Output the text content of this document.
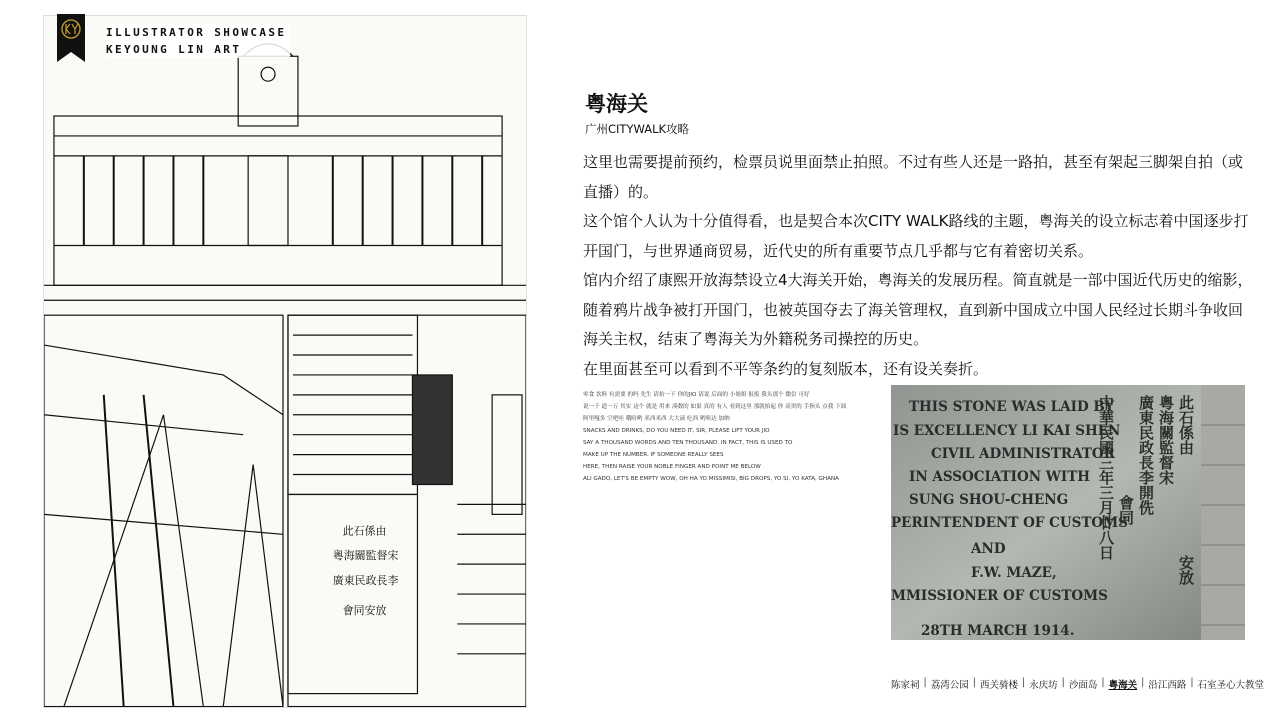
此石係由
粵海關監督宋
廣東民政長李
會同安放
ILLUSTRATOR SHOWCASE
KEYOUNG LIN ART
粤海关
广州CITYWALK攻略

这里也需要提前预约，检票员说里面禁止拍照。不过有些人还是一路拍，甚至有架起三脚架自拍（或直播）的。

这个馆个人认为十分值得看，也是契合本次CITY WALK路线的主题，粤海关的设立标志着中国逐步打开国门，与世界通商贸易，近代史的所有重要节点几乎都与它有着密切关系。

馆内介绍了康熙开放海禁设立4大海关开始，粤海关的发展历程。简直就是一部中国近代历史的缩影，随着鸦片战争被打开国门，也被英国夺去了海关管理权，直到新中国成立中国人民经过长期斗争收回海关主权，结束了粤海关为外籍税务司操控的历史。

在里面甚至可以看到不平等条约的复刻版本，还有设关奏折。

零食 饮料 有需要 的吗 先生 请抬一下 你的JIO 请说 后面的 小姐姐 报报 我头那个 微信 可好
说一千 道一万 其实 这个 就是 用来 凑数的 如果 真的 有人 看到这里 那就抬起 你 高贵的 手指头 点我 下面
阿里嘎多 空吧哇 哦哈哟 米西米西 大大滴 吃西 哟哈达 加纳
SNACKS AND DRINKS, DO YOU NEED IT, SIR, PLEASE LIFT YOUR JIO
SAY A THOUSAND WORDS AND TEN THOUSAND. IN FACT, THIS IS USED TO
MAKE UP THE NUMBER. IF SOMEONE REALLY SEES
HERE, THEN RAISE YOUR NOBLE FINGER AND POINT ME BELOW
ALI GADO, LET'S BE EMPTY WOW, OH HA YO MISSIMISI, BIG DROPS, YO SI, YO KATA, GHANA
THIS STONE WAS LAID BY
IS EXCELLENCY LI KAI SHEN
CIVIL ADMINISTRATOR
IN ASSOCIATION WITH
SUNG SHOU-CHENG
PERINTENDENT OF CUSTOMS
AND
F.W. MAZE,
MMISSIONER OF CUSTOMS
28TH MARCH 1914.
此石係由
粵海關監督宋
廣東民政長李開侁
會同
中華民國三年三月廿八日
安放
陈家祠 | 荔湾公园 | 西关骑楼 | 永庆坊 | 沙面岛 | 粤海关 | 沿江西路 | 石室圣心大教堂
